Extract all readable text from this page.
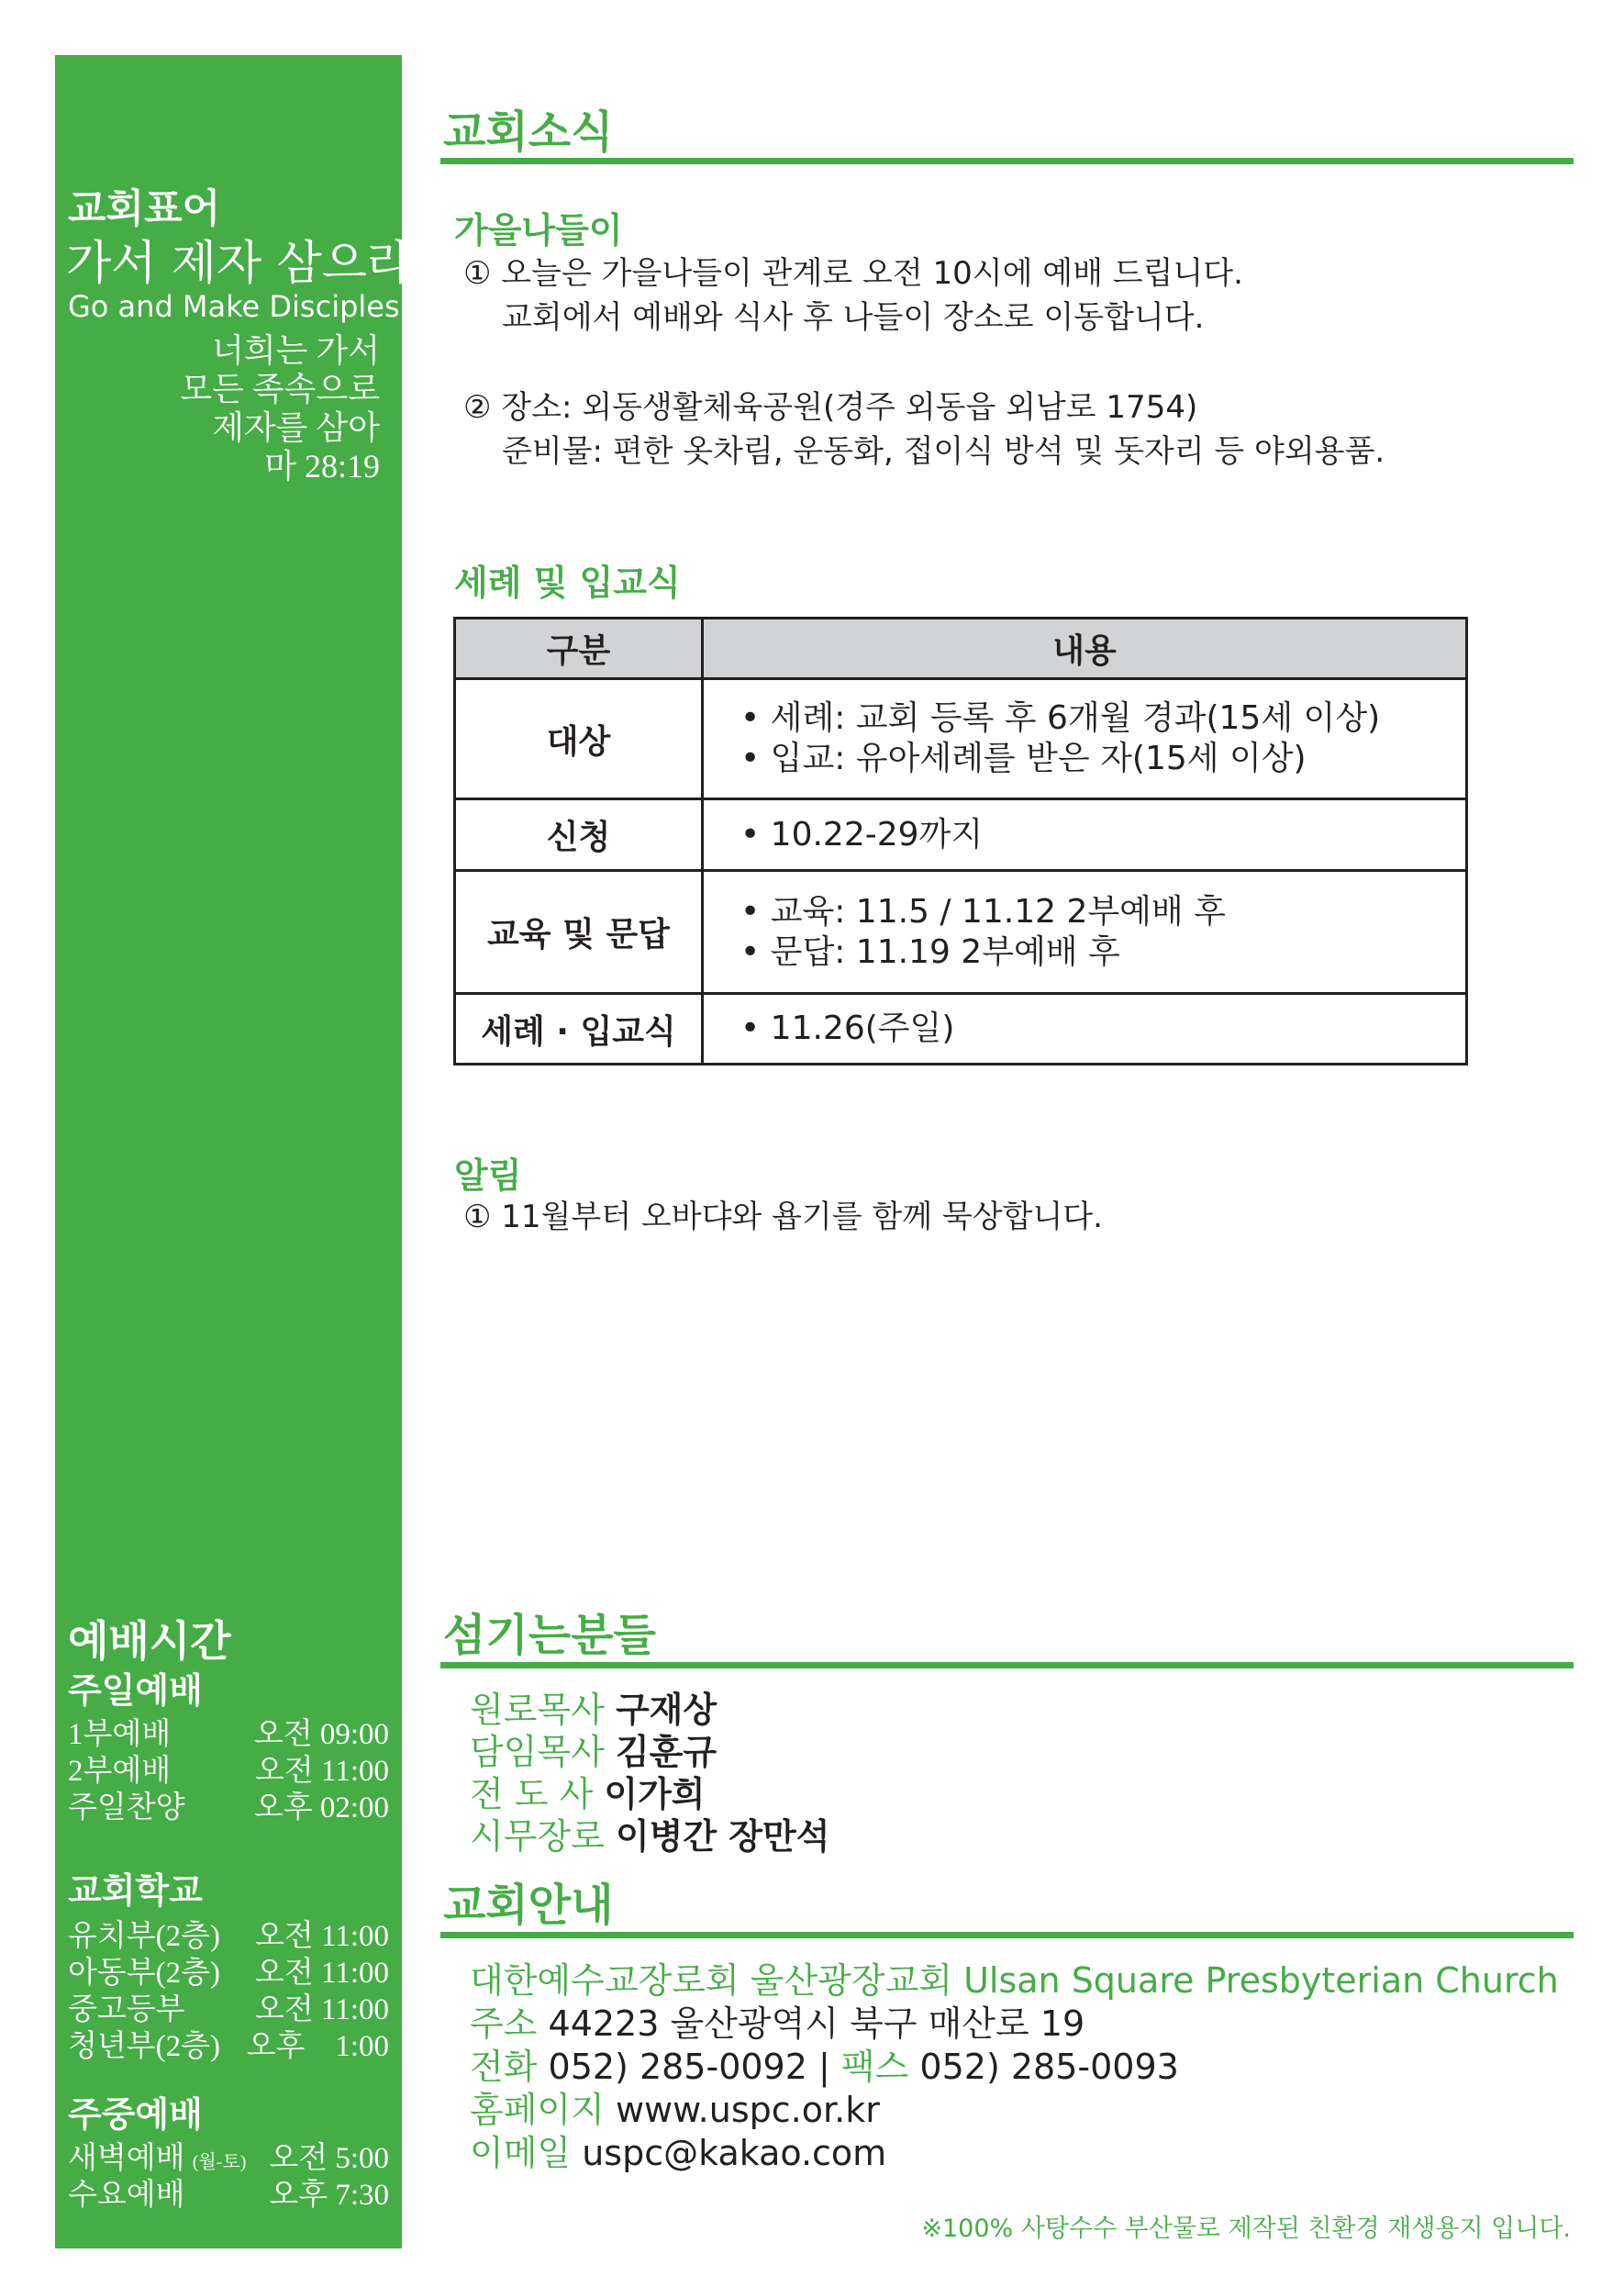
교회표어
가서 제자 삼으라
Go and Make Disciples
너희는 가서
모든 족속으로
제자를 삼아
마 28:19
예배시간
주일예배
1부예배	오전 09:00
2부예배	오전 11:00
주일찬양 오후 02:00
교회학교
유치부(2층) 오전 11:00
아동부(2층) 오전 11:00
중고등부 오전 11:00
청년부(2층) 오후　1:00
주중예배
새벽예배 (월-토) 오전 5:00
수요예배	오후 7:30
교회소식
가을나들이
① 오늘은 가을나들이 관계로 오전 10시에 예배 드립니다.
교회에서 예배와 식사 후 나들이 장소로 이동합니다.
② 장소: 외동생활체육공원(경주 외동읍 외남로 1754)
준비물: 편한 옷차림, 운동화, 접이식 방석 및 돗자리 등 야외용품.
세례 및 입교식
구분	내용
대상	• 세례: 교회 등록 후 6개월 경과(15세 이상)
• 입교: 유아세례를 받은 자(15세 이상)

신청	• 10.22-29까지

교육 및 문답	• 교육: 11.5 / 11.12 2부예배 후
• 문답: 11.19 2부예배 후

세례 · 입교식	• 11.26(주일)
알림
① 11월부터 오바댜와 욥기를 함께 묵상합니다.
섬기는분들
원로목사 구재상
담임목사 김훈규
전 도 사 이가희
시무장로 이병간 장만석
교회안내
대한예수교장로회 울산광장교회 Ulsan Square Presbyterian Church
주소 44223 울산광역시 북구 매산로 19
전화 052) 285-0092 | 팩스 052) 285-0093
홈페이지 www.uspc.or.kr
이메일 uspc@kakao.com
※100% 사탕수수 부산물로 제작된 친환경 재생용지 입니다.
